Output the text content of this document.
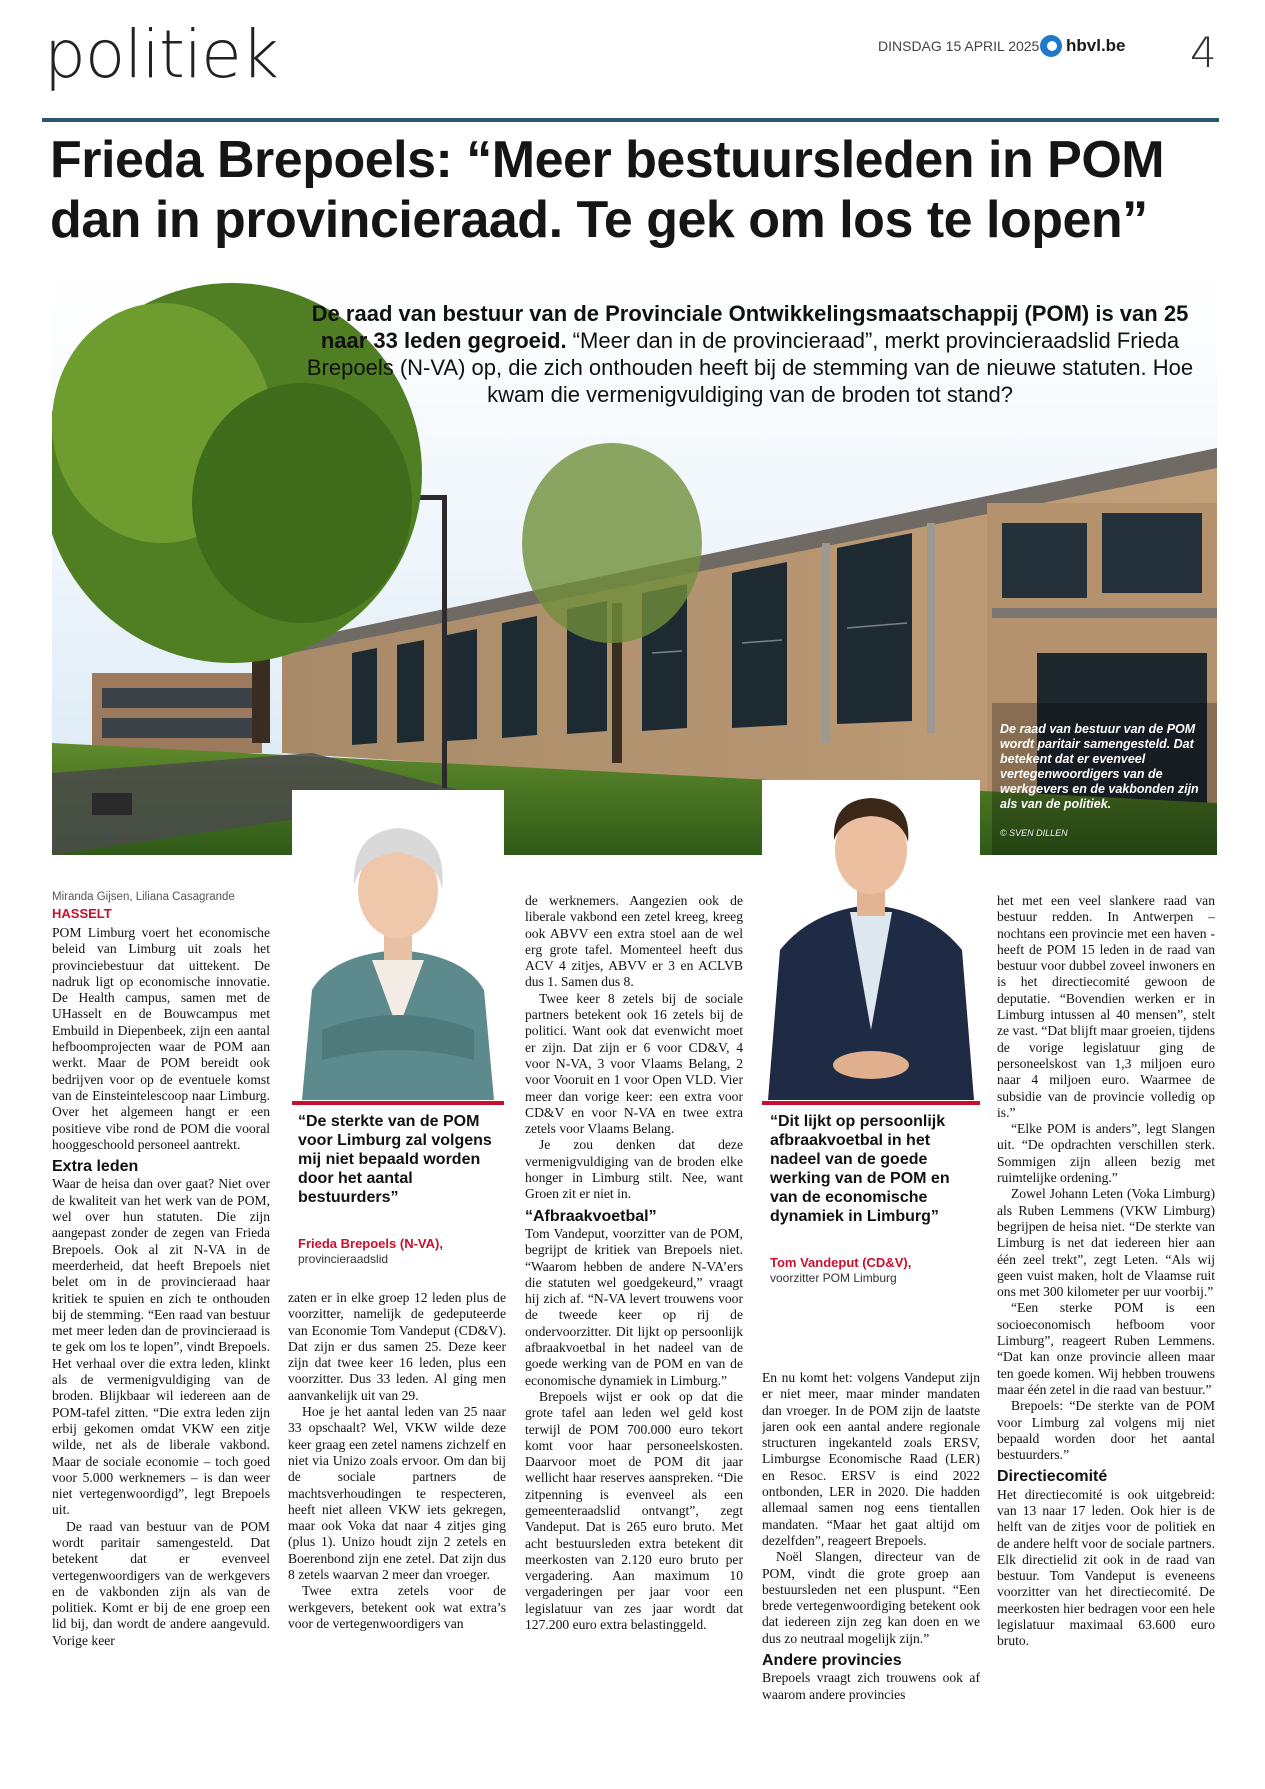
politiek	DINSDAG 15 APRIL 2025 hbvl.be 4
Frieda Brepoels: “Meer bestuursleden in POM dan in provincieraad. Te gek om los te lopen”
De raad van bestuur van de Provinciale Ontwikkelingsmaatschappij (POM) is van 25 naar 33 leden gegroeid. “Meer dan in de provincieraad”, merkt provincieraadslid Frieda Brepoels (N-VA) op, die zich onthouden heeft bij de stemming van de nieuwe statuten. Hoe kwam die vermenigvuldiging van de broden tot stand?
De raad van bestuur van de POM wordt paritair samengesteld. Dat betekent dat er evenveel vertegenwoordigers van de werkgevers en de vakbonden zijn als van de politiek.
© SVEN DILLEN
Miranda Gijsen, Liliana Casagrande
HASSELT

POM Limburg voert het economische beleid van Limburg uit zoals het provinciebestuur dat uittekent. De nadruk ligt op economische innovatie. De Health campus, samen met de UHasselt en de Bouwcampus met Embuild in Diepenbeek, zijn een aantal hefboomprojecten waar de POM aan werkt. Maar de POM bereidt ook bedrijven voor op de eventuele komst van de Einsteintelescoop naar Limburg. Over het algemeen hangt er een positieve vibe rond de POM die vooral hooggeschoold personeel aantrekt.

Extra leden

Waar de heisa dan over gaat? Niet over de kwaliteit van het werk van de POM, wel over hun statuten. Die zijn aangepast zonder de zegen van Frieda Brepoels. Ook al zit N-VA in de meerderheid, dat heeft Brepoels niet belet om in de provincieraad haar kritiek te spuien en zich te onthouden bij de stemming. “Een raad van bestuur met meer leden dan de provincieraad is te gek om los te lopen”, vindt Brepoels. Het verhaal over die extra leden, klinkt als de vermenigvuldiging van de broden. Blijkbaar wil iedereen aan de POM-tafel zitten. “Die extra leden zijn erbij gekomen omdat VKW een zitje wilde, net als de liberale vakbond. Maar de sociale economie – toch goed voor 5.000 werknemers – is dan weer niet vertegenwoordigd”, legt Brepoels uit.

De raad van bestuur van de POM wordt paritair samengesteld. Dat betekent dat er evenveel vertegenwoordigers van de werkgevers en de vakbonden zijn als van de politiek. Komt er bij de ene groep een lid bij, dan wordt de andere aangevuld. Vorige keer

“De sterkte van de POM voor Limburg zal volgens mij niet bepaald worden door het aantal bestuurders”
Frieda Brepoels (N-VA),
provincieraadslid

zaten er in elke groep 12 leden plus de voorzitter, namelijk de gedeputeerde van Economie Tom Vandeput (CD&V). Dat zijn er dus samen 25. Deze keer zijn dat twee keer 16 leden, plus een voorzitter. Dus 33 leden. Al ging men aanvankelijk uit van 29.

Hoe je het aantal leden van 25 naar 33 opschaalt? Wel, VKW wilde deze keer graag een zetel namens zichzelf en niet via Unizo zoals ervoor. Om dan bij de sociale partners de machtsverhoudingen te respecteren, heeft niet alleen VKW iets gekregen, maar ook Voka dat naar 4 zitjes ging (plus 1). Unizo houdt zijn 2 zetels en Boerenbond zijn ene zetel. Dat zijn dus 8 zetels waarvan 2 meer dan vroeger.

Twee extra zetels voor de werkgevers, betekent ook wat extra’s voor de vertegenwoordigers van

de werknemers. Aangezien ook de liberale vakbond een zetel kreeg, kreeg ook ABVV een extra stoel aan de wel erg grote tafel. Momenteel heeft dus ACV 4 zitjes, ABVV er 3 en ACLVB dus 1. Samen dus 8.

Twee keer 8 zetels bij de sociale partners betekent ook 16 zetels bij de politici. Want ook dat evenwicht moet er zijn. Dat zijn er 6 voor CD&V, 4 voor N-VA, 3 voor Vlaams Belang, 2 voor Vooruit en 1 voor Open VLD. Vier meer dan vorige keer: een extra voor CD&V en voor N-VA en twee extra zetels voor Vlaams Belang.

Je zou denken dat deze vermenigvuldiging van de broden elke honger in Limburg stilt. Nee, want Groen zit er niet in.

“Afbraakvoetbal”

Tom Vandeput, voorzitter van de POM, begrijpt de kritiek van Brepoels niet. “Waarom hebben de andere N-VA’ers die statuten wel goedgekeurd,” vraagt hij zich af. “N-VA levert trouwens voor de tweede keer op rij de ondervoorzitter. Dit lijkt op persoonlijk afbraakvoetbal in het nadeel van de goede werking van de POM en van de economische dynamiek in Limburg.”

Brepoels wijst er ook op dat die grote tafel aan leden wel geld kost terwijl de POM 700.000 euro tekort komt voor haar personeelskosten. Daarvoor moet de POM dit jaar wellicht haar reserves aanspreken. “Die zitpenning is evenveel als een gemeenteraadslid ontvangt”, zegt Vandeput. Dat is 265 euro bruto. Met acht bestuursleden extra betekent dit meerkosten van 2.120 euro bruto per vergadering. Aan maximum 10 vergaderingen per jaar voor een legislatuur van zes jaar wordt dat 127.200 euro extra belastinggeld.

“Dit lijkt op persoonlijk afbraakvoetbal in het nadeel van de goede werking van de POM en van de economische dynamiek in Limburg”
Tom Vandeput (CD&V),
voorzitter POM Limburg

En nu komt het: volgens Vandeput zijn er niet meer, maar minder mandaten dan vroeger. In de POM zijn de laatste jaren ook een aantal andere regionale structuren ingekanteld zoals ERSV, Limburgse Economische Raad (LER) en Resoc. ERSV is eind 2022 ontbonden, LER in 2020. Die hadden allemaal samen nog eens tientallen mandaten. “Maar het gaat altijd om dezelfden”, reageert Brepoels.

Noël Slangen, directeur van de POM, vindt die grote groep aan bestuursleden net een pluspunt. “Een brede vertegenwoordiging betekent ook dat iedereen zijn zeg kan doen en we dus zo neutraal mogelijk zijn.”

Andere provincies

Brepoels vraagt zich trouwens ook af waarom andere provincies

het met een veel slankere raad van bestuur redden. In Antwerpen – nochtans een provincie met een haven - heeft de POM 15 leden in de raad van bestuur voor dubbel zoveel inwoners en is het directiecomité gewoon de deputatie. “Bovendien werken er in Limburg intussen al 40 mensen”, stelt ze vast. “Dat blijft maar groeien, tijdens de vorige legislatuur ging de personeelskost van 1,3 miljoen euro naar 4 miljoen euro. Waarmee de subsidie van de provincie volledig op is.”

“Elke POM is anders”, legt Slangen uit. “De opdrachten verschillen sterk. Sommigen zijn alleen bezig met ruimtelijke ordening.”

Zowel Johann Leten (Voka Limburg) als Ruben Lemmens (VKW Limburg) begrijpen de heisa niet. “De sterkte van Limburg is net dat iedereen hier aan één zeel trekt”, zegt Leten. “Als wij geen vuist maken, holt de Vlaamse ruit ons met 300 kilometer per uur voorbij.”

“Een sterke POM is een socioeconomisch hefboom voor Limburg”, reageert Ruben Lemmens. “Dat kan onze provincie alleen maar ten goede komen. Wij hebben trouwens maar één zetel in die raad van bestuur.”

Brepoels: “De sterkte van de POM voor Limburg zal volgens mij niet bepaald worden door het aantal bestuurders.”

Directiecomité

Het directiecomité is ook uitgebreid: van 13 naar 17 leden. Ook hier is de helft van de zitjes voor de politiek en de andere helft voor de sociale partners. Elk directielid zit ook in de raad van bestuur. Tom Vandeput is eveneens voorzitter van het directiecomité. De meerkosten hier bedragen voor een hele legislatuur maximaal 63.600 euro bruto.
